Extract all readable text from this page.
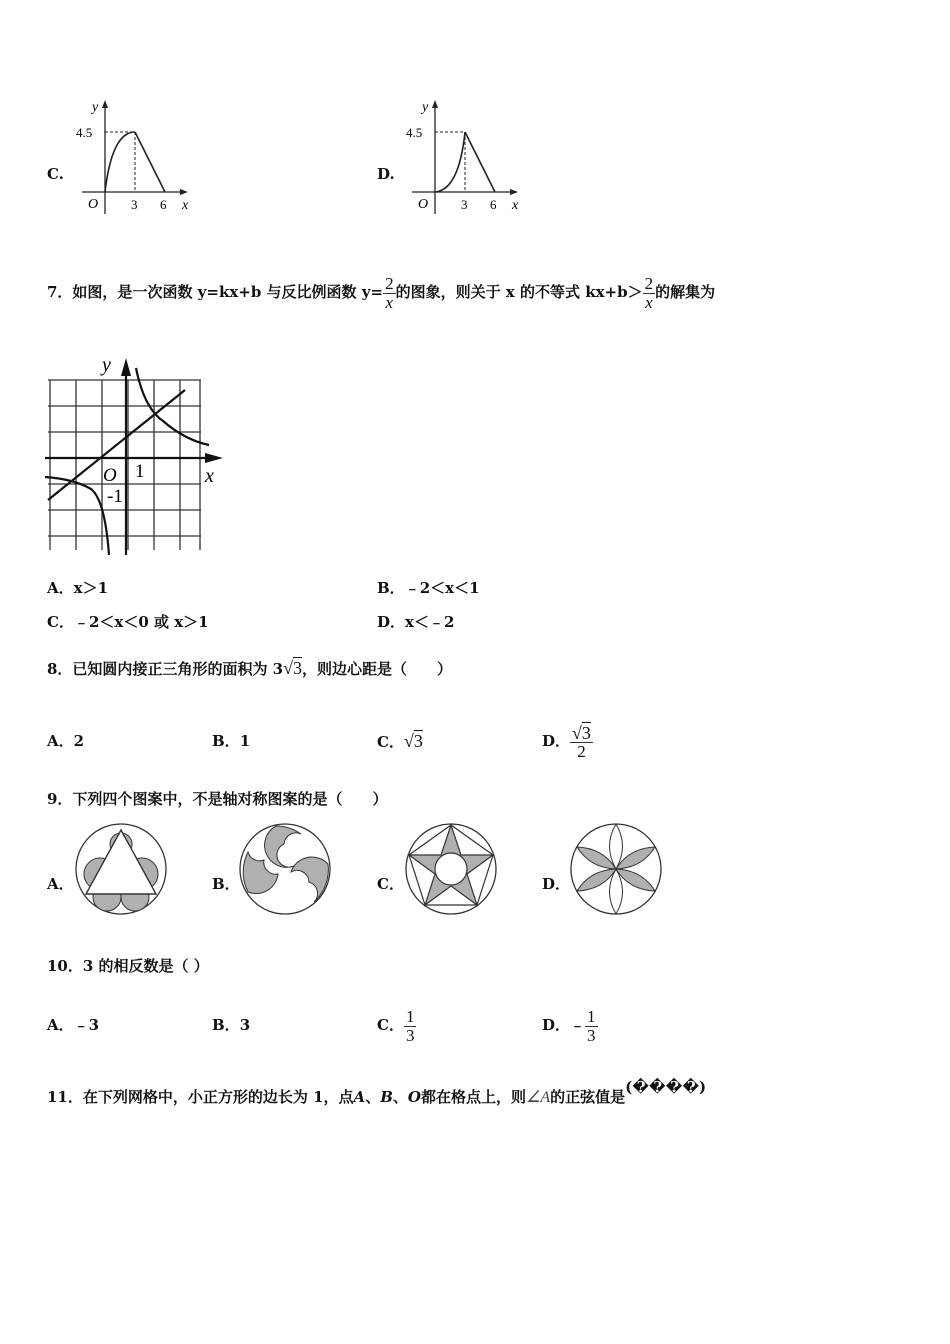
C.
y
4.5
O	3 6 x
D.
y
4.5
O	3 6 x
7．如图，是一次函数 y=kx+b 与反比例函数 $y= \frac{2}{x}$ 的图象，则关于 x 的不等式 $kx+b> \frac{2}{x}$ 的解集为
y
x
O 1
-1
A．x＞1	B．﹣2＜x＜1
C．﹣2＜x＜0 或 x＞1	D．x＜﹣2
8．已知圆内接正三角形的面积为 3√3，则边心距是（　　）
A．2	B．1	C．√3	D． $\frac{√3}{2}$
9．下列四个图案中，不是轴对称图案的是（　　）
A．	B．	C．	D．
10．3 的相反数是（ ）
A．﹣3	B．3	C． $\frac{1}{3}$	D．﹣ $\frac{1}{3}$
11．在下列网格中，小正方形的边长为 1，点A、B、O都在格点上，则∠A的正弦值是(����)
